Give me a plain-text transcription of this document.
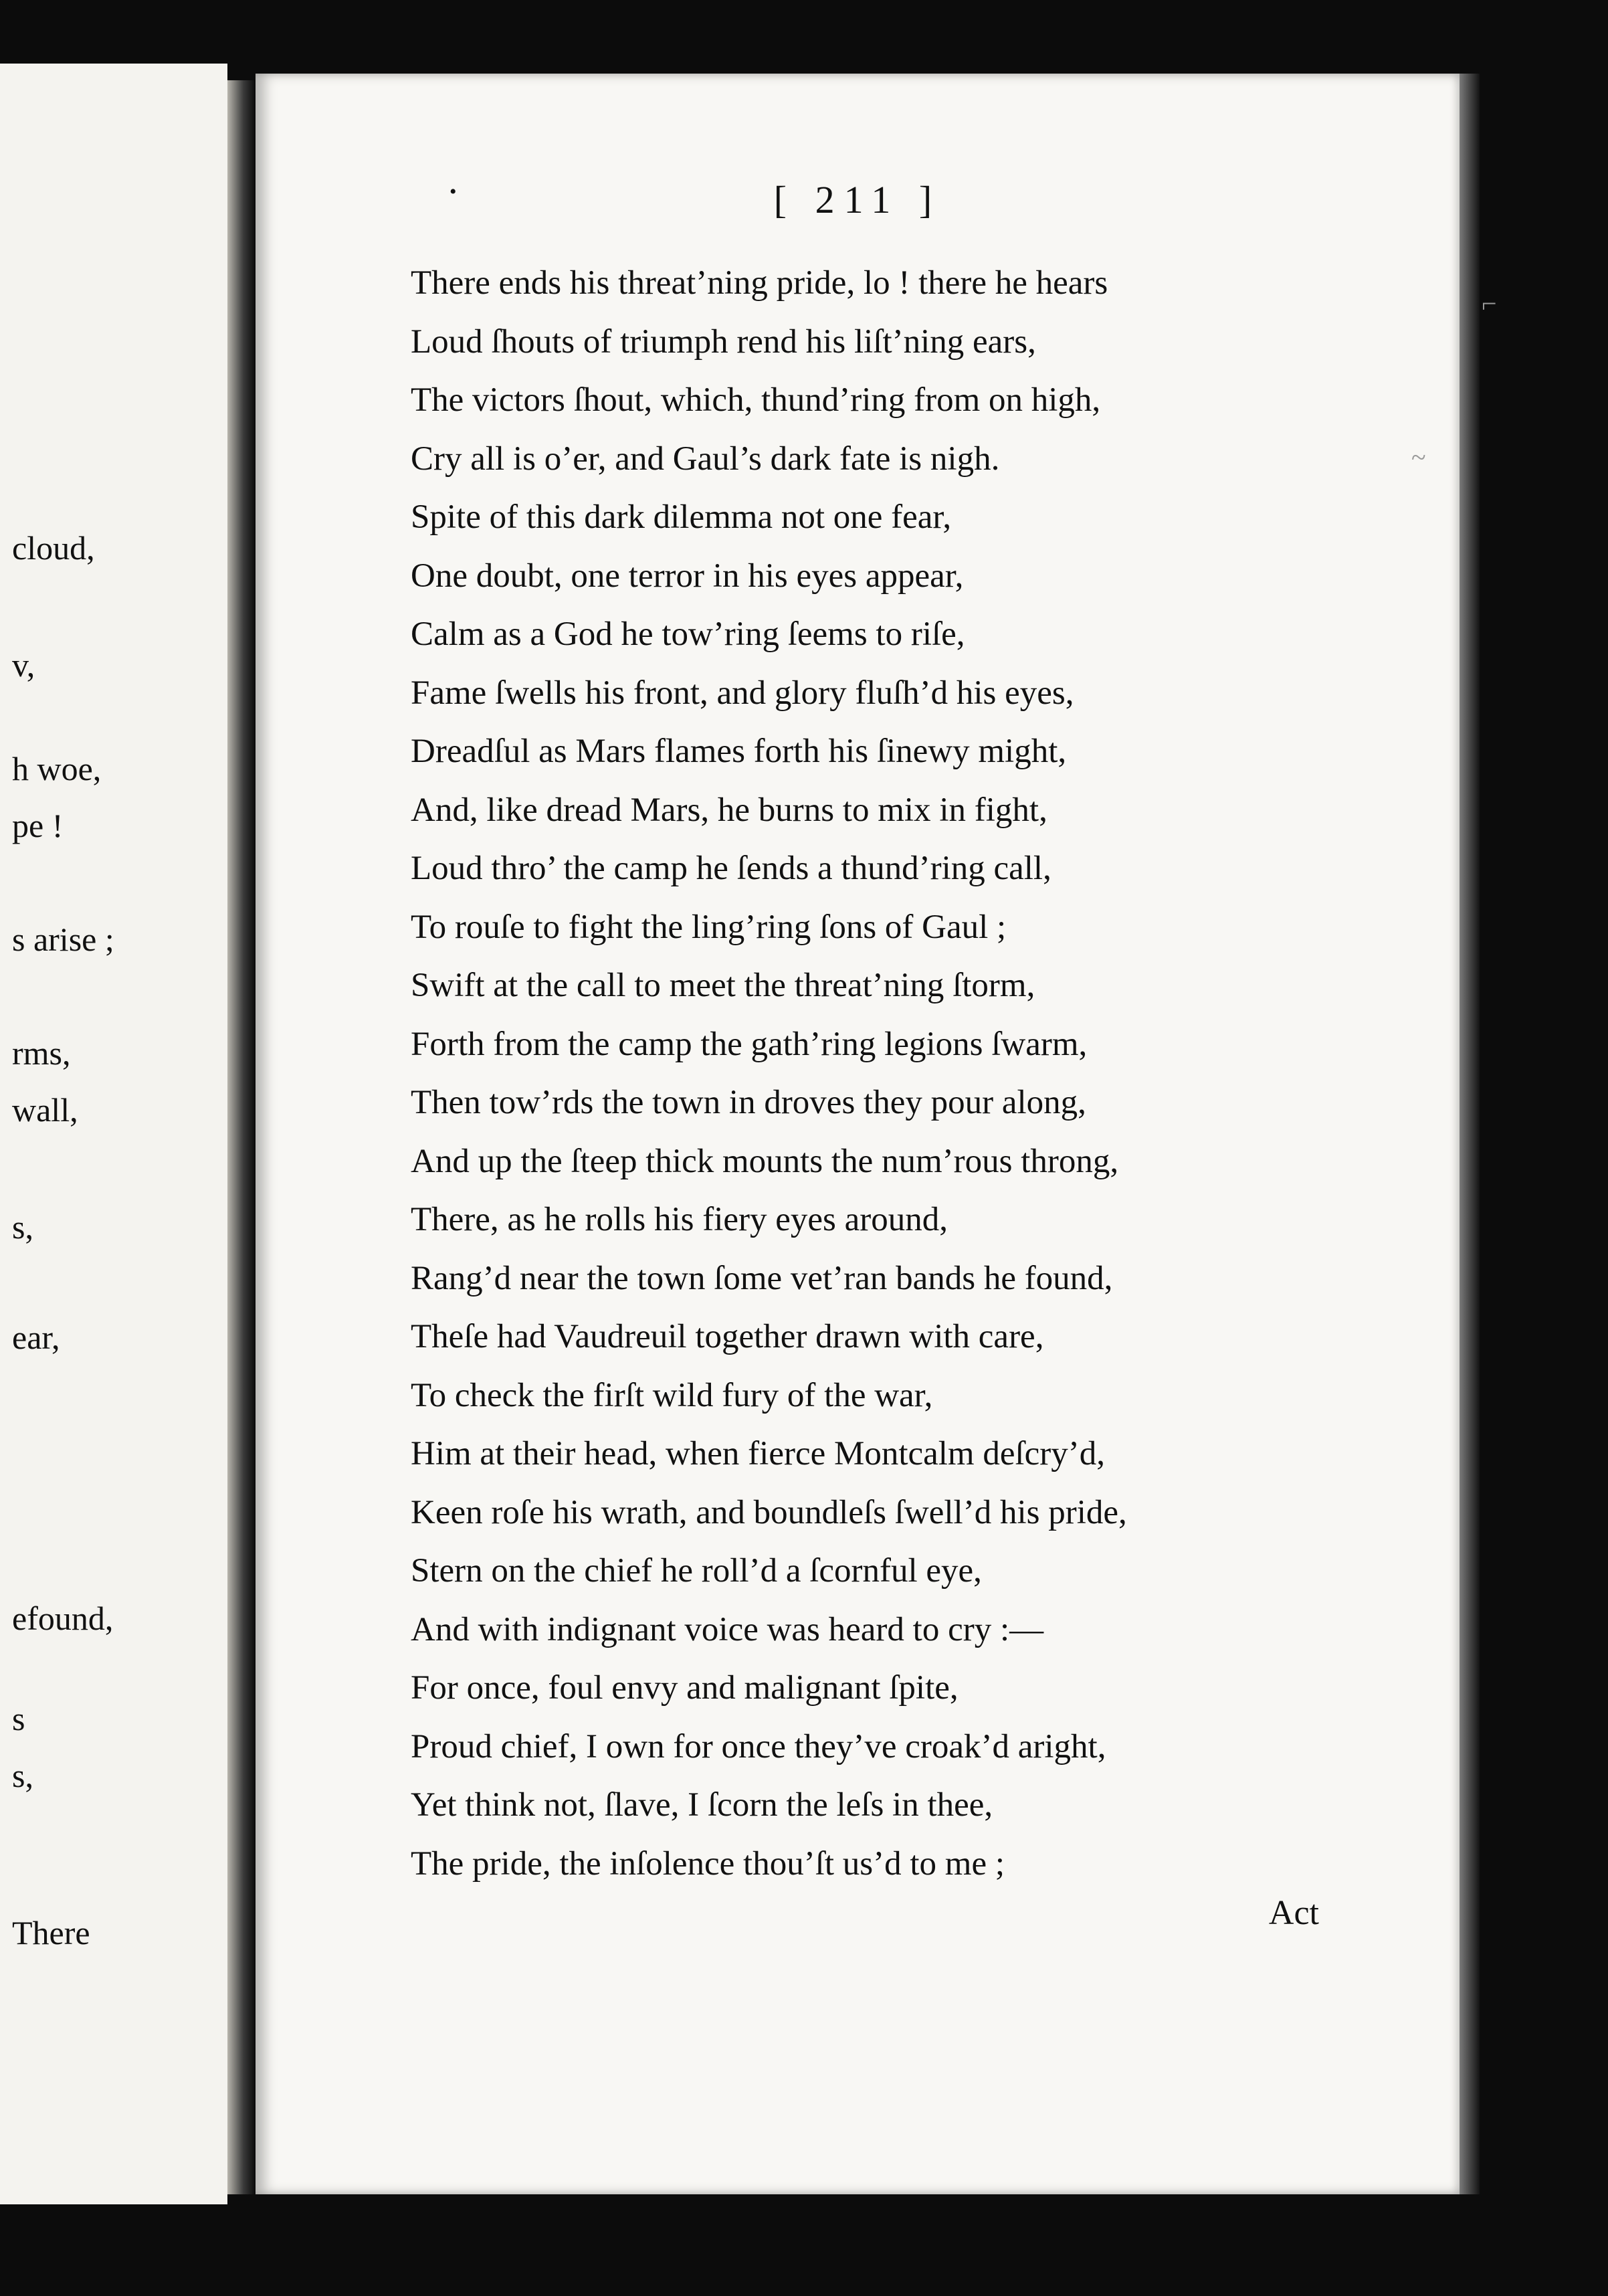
cloud,
v,
h woe,
pe !
s arise ;
rms,
wall,
s,
ear,
efound,
s
s,
There
•	[ 211 ]
There ends his threat’ning pride, lo ! there he hears
Loud ſhouts of triumph rend his liſt’ning ears,
The victors ſhout, which, thund’ring from on high,
Cry all is o’er, and Gaul’s dark fate is nigh.
Spite of this dark dilemma not one fear,
One doubt, one terror in his eyes appear,
Calm as a God he tow’ring ſeems to riſe,
Fame ſwells his front, and glory fluſh’d his eyes,
Dreadſul as Mars flames forth his ſinewy might,
And, like dread Mars, he burns to mix in fight,
Loud thro’ the camp he ſends a thund’ring call,
To rouſe to fight the ling’ring ſons of Gaul ;
Swift at the call to meet the threat’ning ſtorm,
Forth from the camp the gath’ring legions ſwarm,
Then tow’rds the town in droves they pour along,
And up the ſteep thick mounts the num’rous throng,
There, as he rolls his fiery eyes around,
Rang’d near the town ſome vet’ran bands he found,
Theſe had Vaudreuil together drawn with care,
To check the firſt wild fury of the war,
Him at their head, when fierce Montcalm deſcry’d,
Keen roſe his wrath, and boundleſs ſwell’d his pride,
Stern on the chief he roll’d a ſcornful eye,
And with indignant voice was heard to cry :—
For once, foul envy and malignant ſpite,
Proud chief, I own for once they’ve croak’d aright,
Yet think not, ſlave, I ſcorn the leſs in thee,
The pride, the inſolence thou’ſt us’d to me ;
Act
⌐
~
